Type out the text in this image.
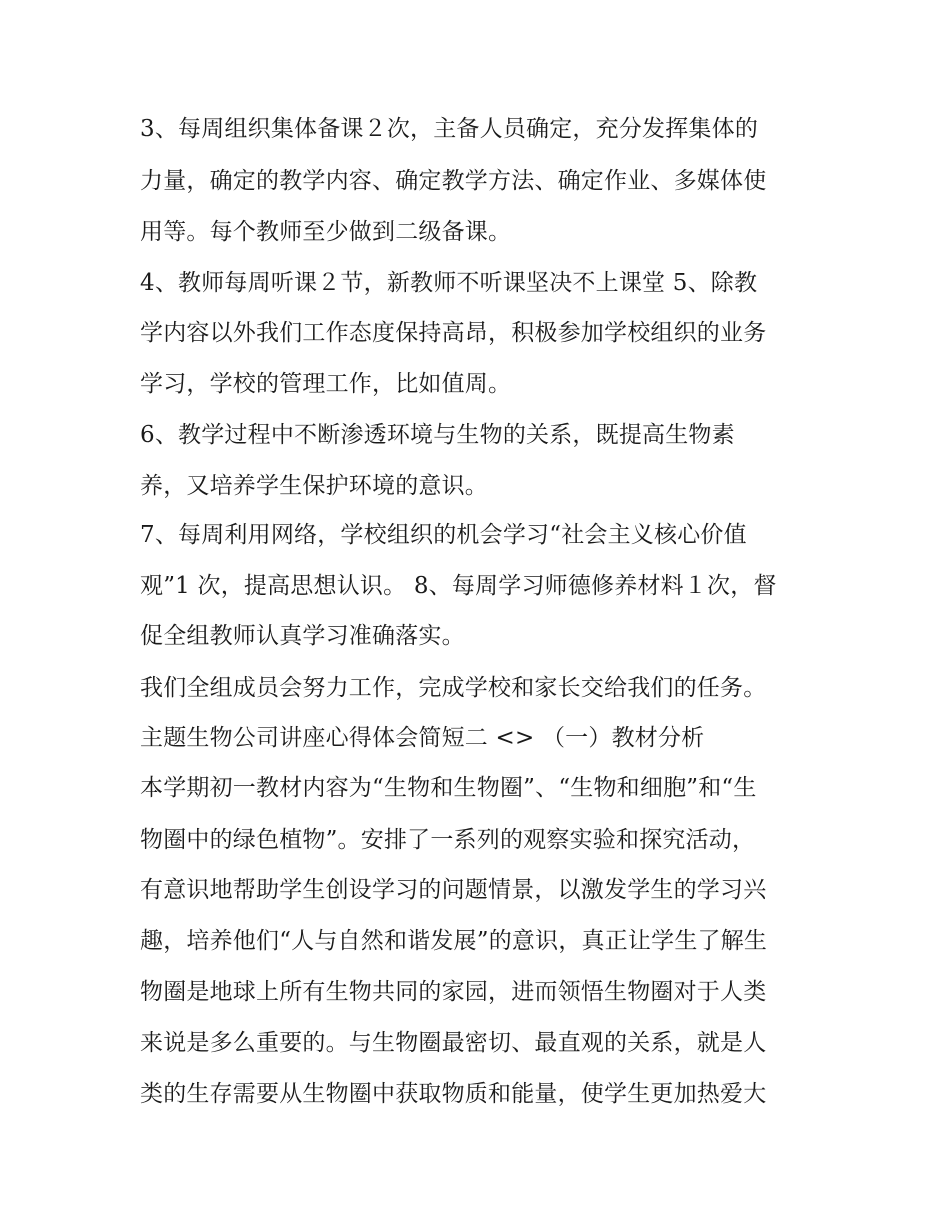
3、每周组织集体备课２次，主备人员确定，充分发挥集体的
力量，确定的教学内容、确定教学方法、确定作业、多媒体使
用等。每个教师至少做到二级备课。
4、教师每周听课２节，新教师不听课坚决不上课堂 5、除教
学内容以外我们工作态度保持高昂，积极参加学校组织的业务
学习，学校的管理工作，比如值周。
6、教学过程中不断渗透环境与生物的关系，既提高生物素
养，又培养学生保护环境的意识。
7、每周利用网络，学校组织的机会学习“社会主义核心价值
观”1 次，提高思想认识。 8、每周学习师德修养材料１次，督
促全组教师认真学习准确落实。
我们全组成员会努力工作，完成学校和家长交给我们的任务。
主题生物公司讲座心得体会简短二 <> （一）教材分析
本学期初一教材内容为“生物和生物圈”、“生物和细胞”和“生
物圈中的绿色植物”。安排了一系列的观察实验和探究活动，
有意识地帮助学生创设学习的问题情景，以激发学生的学习兴
趣，培养他们“人与自然和谐发展”的意识，真正让学生了解生
物圈是地球上所有生物共同的家园，进而领悟生物圈对于人类
来说是多么重要的。与生物圈最密切、最直观的关系，就是人
类的生存需要从生物圈中获取物质和能量，使学生更加热爱大
